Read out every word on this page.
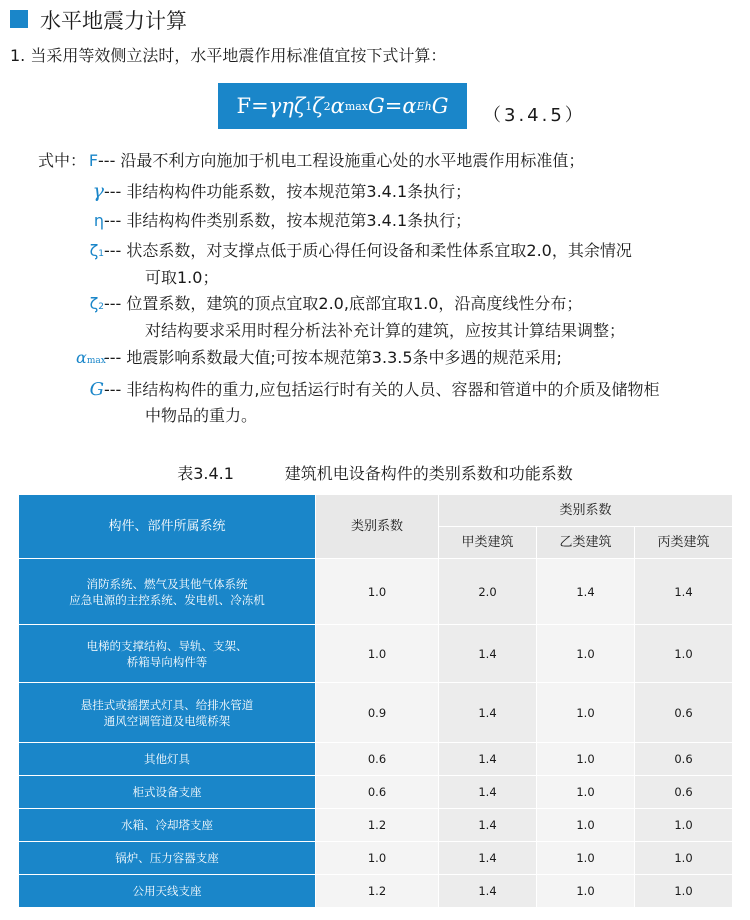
水平地震力计算
1. 当采用等效侧立法时，水平地震作用标准值宜按下式计算：
F = γ η ζ 1 ζ 2 α max G = α Eh G （3.4.5）
式中： F--- 沿最不利方向施加于机电工程设施重心处的水平地震作用标准值；
γ--- 非结构构件功能系数，按本规范第3.4.1条执行；
η--- 非结构构件类别系数，按本规范第3.4.1条执行；
ζ1--- 状态系数，对支撑点低于质心得任何设备和柔性体系宜取2.0，其余情况
可取1.0；
ζ2--- 位置系数，建筑的顶点宜取2.0,底部宜取1.0，沿高度线性分布；
对结构要求采用时程分析法补充计算的建筑，应按其计算结果调整；
αmax--- 地震影响系数最大值;可按本规范第3.3.5条中多遇的规范采用;
G--- 非结构构件的重力,应包括运行时有关的人员、容器和管道中的介质及储物柜
中物品的重力。
表3.4.1	建筑机电设备构件的类别系数和功能系数
构件、部件所属系统	类别系数	类别系数		
		甲类建筑	乙类建筑	丙类建筑

消防系统、燃气及其他气体系统
应急电源的主控系统、发电机、冷冻机	1.0	2.0	1.4	1.4

电梯的支撑结构、导轨、支架、
桥箱导向构件等	1.0	1.4	1.0	1.0

悬挂式或摇摆式灯具、给排水管道
通风空调管道及电缆桥架	0.9	1.4	1.0	0.6

其他灯具	0.6	1.4	1.0	0.6

柜式设备支座	0.6	1.4	1.0	0.6

水箱、冷却塔支座	1.2	1.4	1.0	1.0

锅炉、压力容器支座	1.0	1.4	1.0	1.0

公用天线支座	1.2	1.4	1.0	1.0
